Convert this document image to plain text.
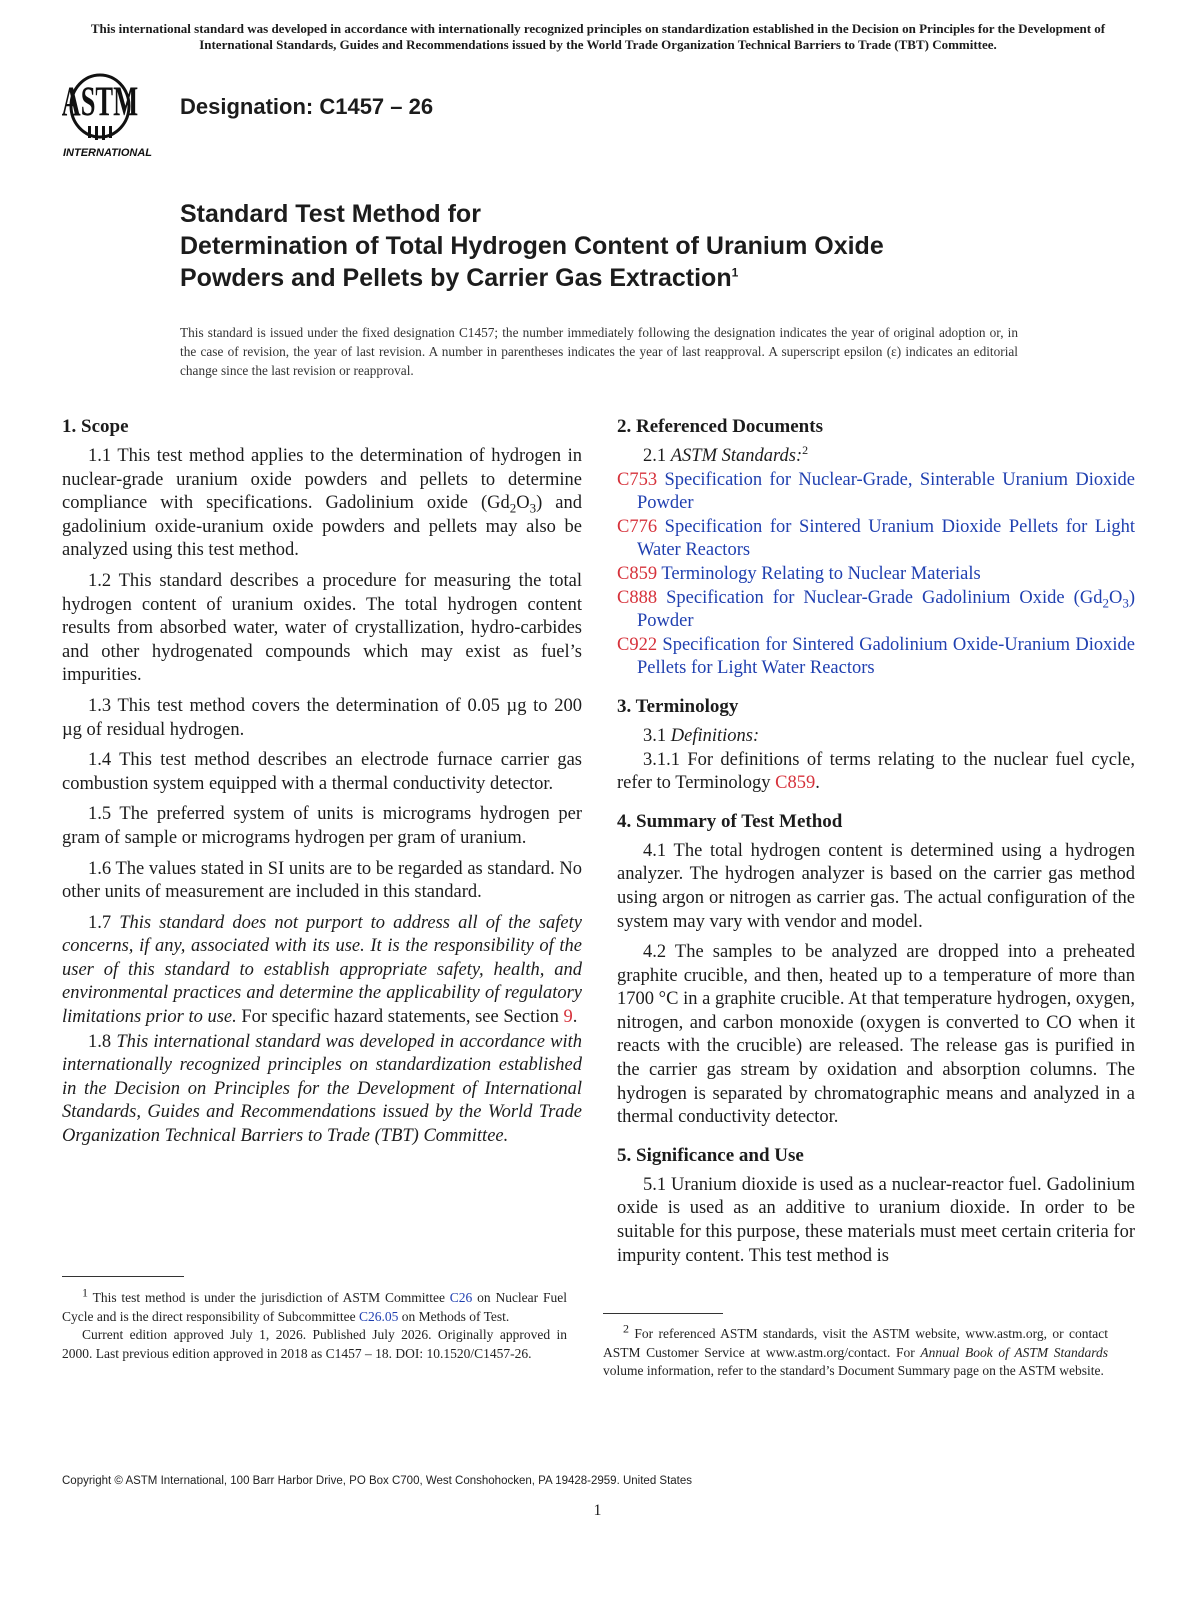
This international standard was developed in accordance with internationally recognized principles on standardization established in the Decision on Principles for the Development of International Standards, Guides and Recommendations issued by the World Trade Organization Technical Barriers to Trade (TBT) Committee.
ASTM
INTERNATIONAL
Designation: C1457 – 26
Standard Test Method for
Determination of Total Hydrogen Content of Uranium Oxide
Powders and Pellets by Carrier Gas Extraction$^1$
This standard is issued under the fixed designation C1457; the number immediately following the designation indicates the year of original adoption or, in the case of revision, the year of last revision. A number in parentheses indicates the year of last reapproval. A superscript epsilon (ε) indicates an editorial change since the last revision or reapproval.
1. Scope

1.1 This test method applies to the determination of hydrogen in nuclear-grade uranium oxide powders and pellets to determine compliance with specifications. Gadolinium oxide $(Gd_2O_3)$ and gadolinium oxide-uranium oxide powders and pellets may also be analyzed using this test method.

1.2 This standard describes a procedure for measuring the total hydrogen content of uranium oxides. The total hydrogen content results from absorbed water, water of crystallization, hydro-carbides and other hydrogenated compounds which may exist as fuel’s impurities.

1.3 This test method covers the determination of 0.05 µg to 200 µg of residual hydrogen.

1.4 This test method describes an electrode furnace carrier gas combustion system equipped with a thermal conductivity detector.

1.5 The preferred system of units is micrograms hydrogen per gram of sample or micrograms hydrogen per gram of uranium.

1.6 The values stated in SI units are to be regarded as standard. No other units of measurement are included in this standard.

1.7 This standard does not purport to address all of the safety concerns, if any, associated with its use. It is the responsibility of the user of this standard to establish appropriate safety, health, and environmental practices and determine the applicability of regulatory limitations prior to use. For specific hazard statements, see Section 9.

1.8 This international standard was developed in accordance with internationally recognized principles on standardization established in the Decision on Principles for the Development of International Standards, Guides and Recommendations issued by the World Trade Organization Technical Barriers to Trade (TBT) Committee.

2. Referenced Documents

2.1 ASTM Standards:$^2$

C753 Specification for Nuclear-Grade, Sinterable Uranium Dioxide Powder

C776 Specification for Sintered Uranium Dioxide Pellets for Light Water Reactors

C859 Terminology Relating to Nuclear Materials

C888 Specification for Nuclear-Grade Gadolinium Oxide $(Gd_2O_3)$ Powder

C922 Specification for Sintered Gadolinium Oxide-Uranium Dioxide Pellets for Light Water Reactors

3. Terminology

3.1 Definitions:

3.1.1 For definitions of terms relating to the nuclear fuel cycle, refer to Terminology C859.

4. Summary of Test Method

4.1 The total hydrogen content is determined using a hydrogen analyzer. The hydrogen analyzer is based on the carrier gas method using argon or nitrogen as carrier gas. The actual configuration of the system may vary with vendor and model.

4.2 The samples to be analyzed are dropped into a preheated graphite crucible, and then, heated up to a temperature of more than 1700 °C in a graphite crucible. At that temperature hydrogen, oxygen, nitrogen, and carbon monoxide (oxygen is converted to CO when it reacts with the crucible) are released. The release gas is purified in the carrier gas stream by oxidation and absorption columns. The hydrogen is separated by chromatographic means and analyzed in a thermal conductivity detector.

5. Significance and Use

5.1 Uranium dioxide is used as a nuclear-reactor fuel. Gadolinium oxide is used as an additive to uranium dioxide. In order to be suitable for this purpose, these materials must meet certain criteria for impurity content. This test method is

$^1$ This test method is under the jurisdiction of ASTM Committee C26 on Nuclear Fuel Cycle and is the direct responsibility of Subcommittee C26.05 on Methods of Test.

Current edition approved July 1, 2026. Published July 2026. Originally approved in 2000. Last previous edition approved in 2018 as C1457 – 18. DOI: 10.1520/C1457-26.

$^2$ For referenced ASTM standards, visit the ASTM website, www.astm.org, or contact ASTM Customer Service at www.astm.org/contact. For Annual Book of ASTM Standards volume information, refer to the standard’s Document Summary page on the ASTM website.

Copyright © ASTM International, 100 Barr Harbor Drive, PO Box C700, West Conshohocken, PA 19428-2959. United States
1
